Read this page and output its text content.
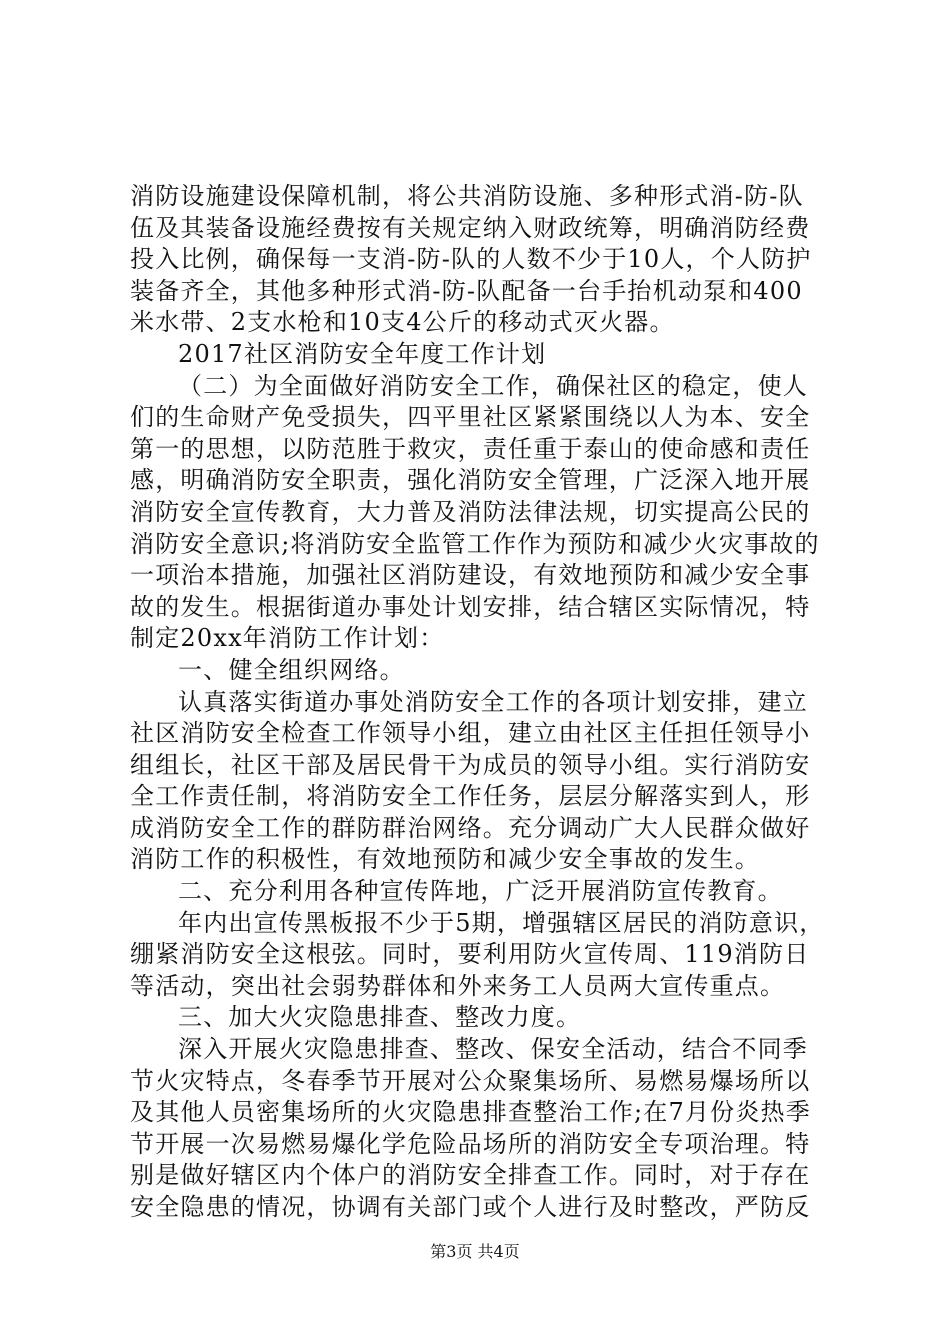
消防设施建设保障机制，将公共消防设施、多种形式消-防-队
伍及其装备设施经费按有关规定纳入财政统筹，明确消防经费
投入比例，确保每一支消-防-队的人数不少于10人，个人防护
装备齐全，其他多种形式消-防-队配备一台手抬机动泵和400
米水带、2支水枪和10支4公斤的移动式灭火器。
2017社区消防安全年度工作计划
（二）为全面做好消防安全工作，确保社区的稳定，使人
们的生命财产免受损失，四平里社区紧紧围绕以人为本、安全
第一的思想，以防范胜于救灾，责任重于泰山的使命感和责任
感，明确消防安全职责，强化消防安全管理，广泛深入地开展
消防安全宣传教育，大力普及消防法律法规，切实提高公民的
消防安全意识;将消防安全监管工作作为预防和减少火灾事故的
一项治本措施，加强社区消防建设，有效地预防和减少安全事
故的发生。根据街道办事处计划安排，结合辖区实际情况，特
制定20xx年消防工作计划：
一、健全组织网络。
认真落实街道办事处消防安全工作的各项计划安排，建立
社区消防安全检查工作领导小组，建立由社区主任担任领导小
组组长，社区干部及居民骨干为成员的领导小组。实行消防安
全工作责任制，将消防安全工作任务，层层分解落实到人，形
成消防安全工作的群防群治网络。充分调动广大人民群众做好
消防工作的积极性，有效地预防和减少安全事故的发生。
二、充分利用各种宣传阵地，广泛开展消防宣传教育。
年内出宣传黑板报不少于5期，增强辖区居民的消防意识，
绷紧消防安全这根弦。同时，要利用防火宣传周、119消防日
等活动，突出社会弱势群体和外来务工人员两大宣传重点。
三、加大火灾隐患排查、整改力度。
深入开展火灾隐患排查、整改、保安全活动，结合不同季
节火灾特点，冬春季节开展对公众聚集场所、易燃易爆场所以
及其他人员密集场所的火灾隐患排查整治工作;在7月份炎热季
节开展一次易燃易爆化学危险品场所的消防安全专项治理。特
别是做好辖区内个体户的消防安全排查工作。同时，对于存在
安全隐患的情况，协调有关部门或个人进行及时整改，严防反
第3页 共4页
